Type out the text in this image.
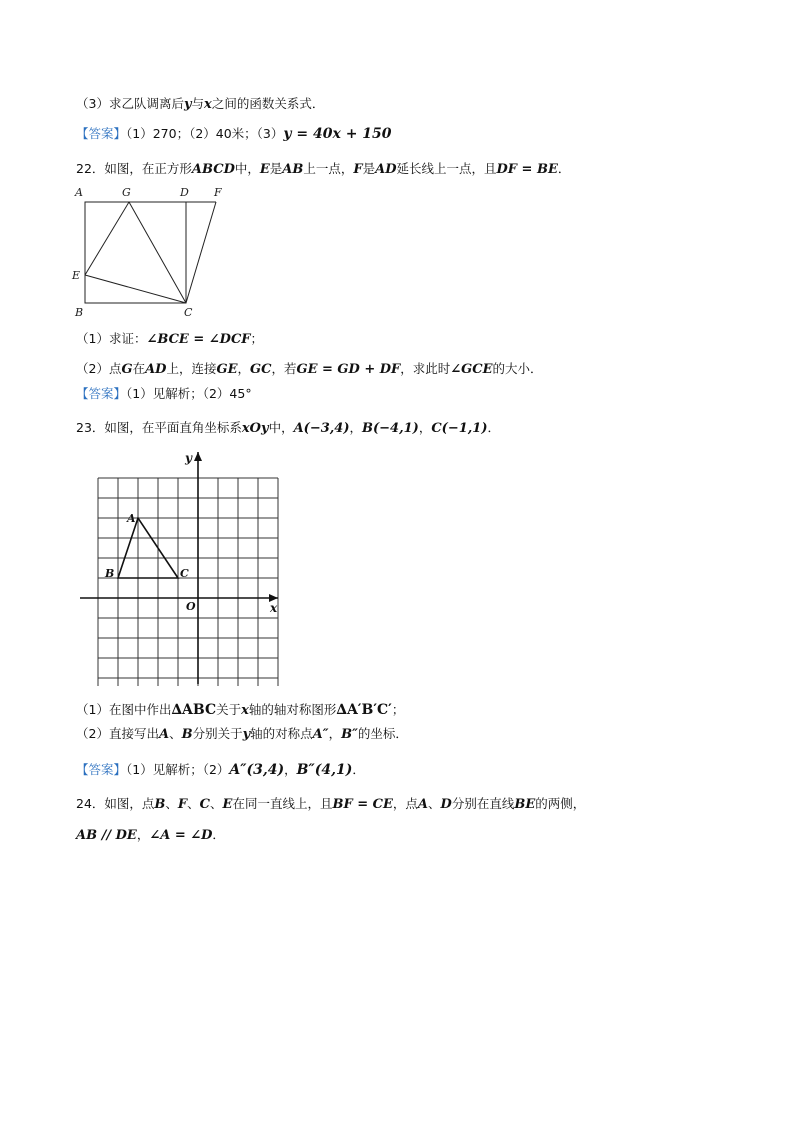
（3）求乙队调离后y与x之间的函数关系式．
【答案】（1）270；（2）40米；（3）y = 40x + 150
22．如图，在正方形ABCD中，E是AB上一点，F是AD延长线上一点，且DF = BE．
A	G	D F
E
B	C
（1）求证：∠BCE = ∠DCF；
（2）点G在AD上，连接GE，GC，若GE = GD + DF，求此时∠GCE的大小．
【答案】（1）见解析；（2）45°
23．如图，在平面直角坐标系xOy中，A(−3,4)，B(−4,1)，C(−1,1)．
A
B	C
O	x
y
（1）在图中作出∆ABC关于x轴的轴对称图形∆A′B′C′；
（2）直接写出A、B分别关于y轴的对称点A″，B″的坐标．
【答案】（1）见解析；（2）A″(3,4)，B″(4,1)．
24．如图，点B、F、C、E在同一直线上，且BF = CE，点A、D分别在直线BE的两侧，
AB // DE，∠A = ∠D．
